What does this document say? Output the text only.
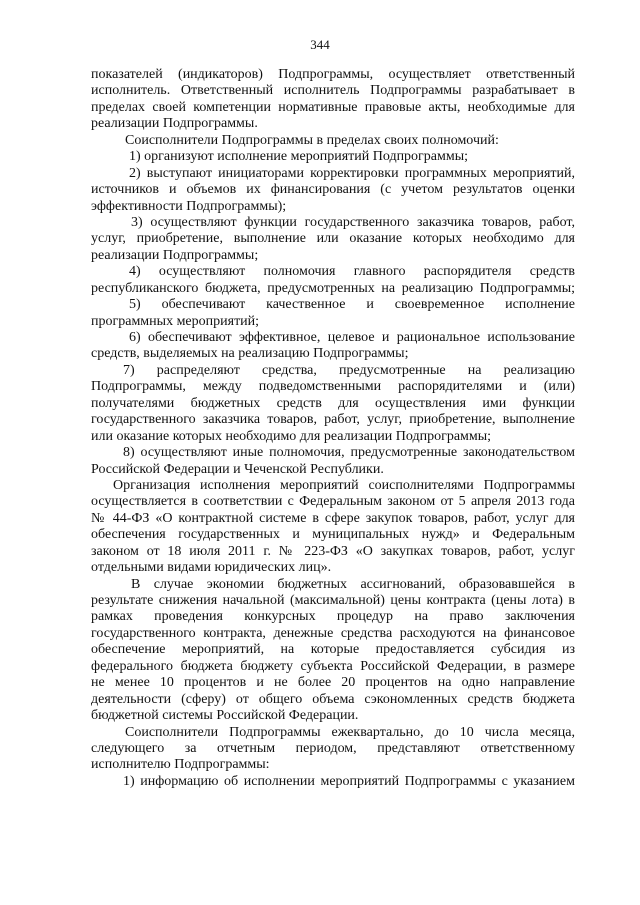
344
показателей (индикаторов) Подпрограммы, осуществляет ответственный
исполнитель. Ответственный исполнитель Подпрограммы разрабатывает в
пределах своей компетенции нормативные правовые акты, необходимые для
реализации Подпрограммы.
Соисполнители Подпрограммы в пределах своих полномочий:
1) организуют исполнение мероприятий Подпрограммы;
2) выступают инициаторами корректировки программных мероприятий,
источников и объемов их финансирования (с учетом результатов оценки
эффективности Подпрограммы);
3) осуществляют функции государственного заказчика товаров, работ,
услуг, приобретение, выполнение или оказание которых необходимо для
реализации Подпрограммы;
4) осуществляют полномочия главного распорядителя средств
республиканского бюджета, предусмотренных на реализацию Подпрограммы;
5) обеспечивают качественное и своевременное исполнение
программных мероприятий;
6) обеспечивают эффективное, целевое и рациональное использование
средств, выделяемых на реализацию Подпрограммы;
7) распределяют средства, предусмотренные на реализацию
Подпрограммы, между подведомственными распорядителями и (или)
получателями бюджетных средств для осуществления ими функции
государственного заказчика товаров, работ, услуг, приобретение, выполнение
или оказание которых необходимо для реализации Подпрограммы;
8) осуществляют иные полномочия, предусмотренные законодательством
Российской Федерации и Чеченской Республики.
Организация исполнения мероприятий соисполнителями Подпрограммы
осуществляется в соответствии с Федеральным законом от 5 апреля 2013 года
№ 44-ФЗ «О контрактной системе в сфере закупок товаров, работ, услуг для
обеспечения государственных и муниципальных нужд» и Федеральным
законом от 18 июля 2011 г. № 223-ФЗ «О закупках товаров, работ, услуг
отдельными видами юридических лиц».
В случае экономии бюджетных ассигнований, образовавшейся в
результате снижения начальной (максимальной) цены контракта (цены лота) в
рамках проведения конкурсных процедур на право заключения
государственного контракта, денежные средства расходуются на финансовое
обеспечение мероприятий, на которые предоставляется субсидия из
федерального бюджета бюджету субъекта Российской Федерации, в размере
не менее 10 процентов и не более 20 процентов на одно направление
деятельности (сферу) от общего объема сэкономленных средств бюджета
бюджетной системы Российской Федерации.
Соисполнители Подпрограммы ежеквартально, до 10 числа месяца,
следующего за отчетным периодом, представляют ответственному
исполнителю Подпрограммы:
1) информацию об исполнении мероприятий Подпрограммы с указанием
